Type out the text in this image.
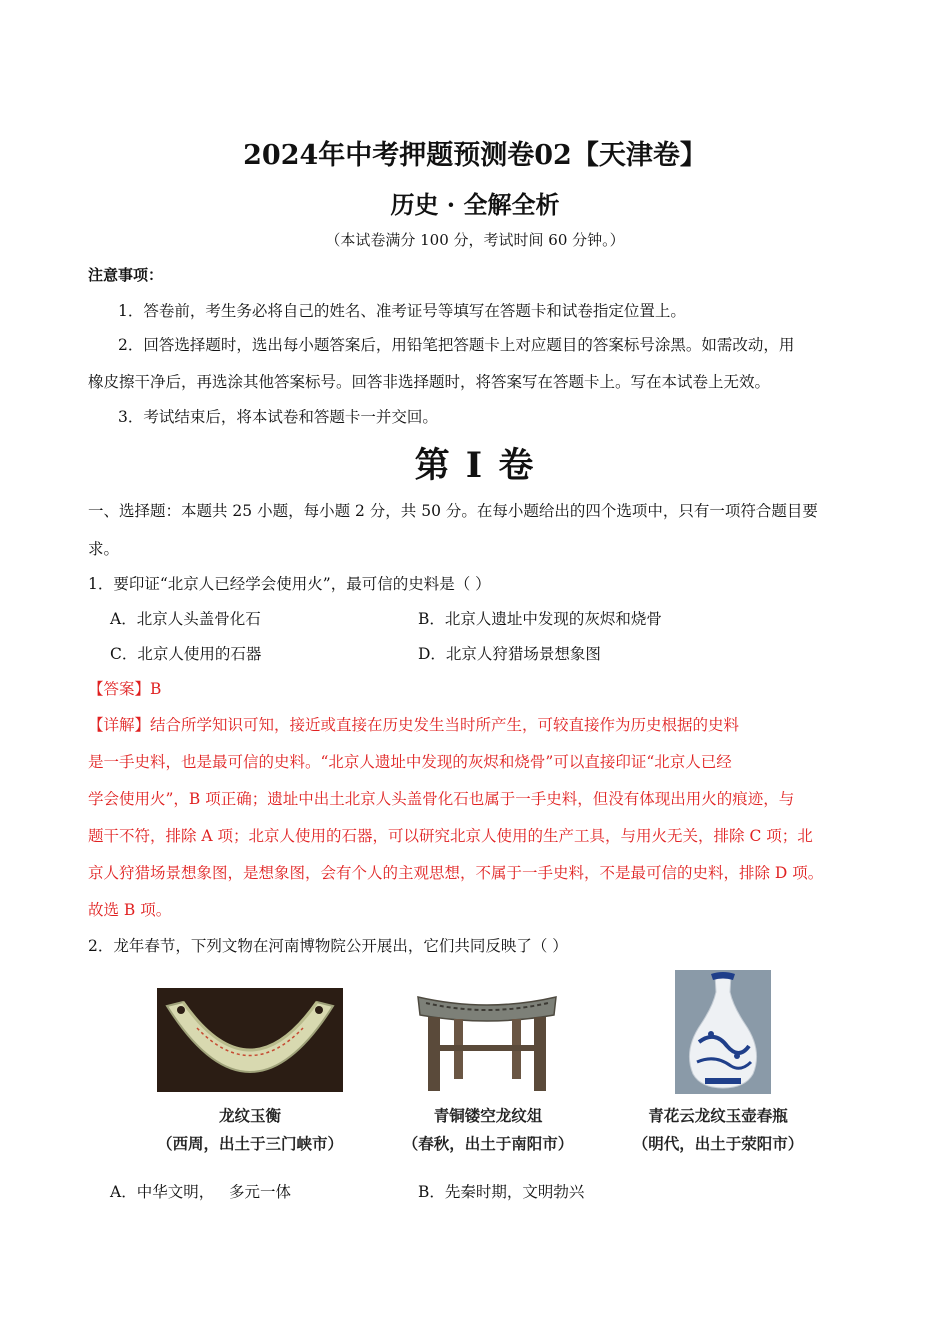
2024年中考押题预测卷02【天津卷】
历史 · 全解全析
（本试卷满分 100 分，考试时间 60 分钟。）
注意事项：
1．答卷前，考生务必将自己的姓名、准考证号等填写在答题卡和试卷指定位置上。
2．回答选择题时，选出每小题答案后，用铅笔把答题卡上对应题目的答案标号涂黑。如需改动，用
橡皮擦干净后，再选涂其他答案标号。回答非选择题时，将答案写在答题卡上。写在本试卷上无效。
3．考试结束后，将本试卷和答题卡一并交回。
第 I 卷
一、选择题：本题共 25 小题，每小题 2 分，共 50 分。在每小题给出的四个选项中，只有一项符合题目要
求。
1．要印证“北京人已经学会使用火”，最可信的史料是（ ）
A．北京人头盖骨化石	B．北京人遗址中发现的灰烬和烧骨
C．北京人使用的石器	D．北京人狩猎场景想象图
【答案】B
【详解】结合所学知识可知，接近或直接在历史发生当时所产生，可较直接作为历史根据的史料
是一手史料，也是最可信的史料。“北京人遗址中发现的灰烬和烧骨”可以直接印证“北京人已经
学会使用火”，B 项正确；遗址中出土北京人头盖骨化石也属于一手史料，但没有体现出用火的痕迹，与
题干不符，排除 A 项；北京人使用的石器，可以研究北京人使用的生产工具，与用火无关，排除 C 项；北
京人狩猎场景想象图，是想象图，会有个人的主观思想，不属于一手史料，不是最可信的史料，排除 D 项。
故选 B 项。
2．龙年春节，下列文物在河南博物院公开展出，它们共同反映了（ ）
龙纹玉衡
（西周，出土于三门峡市）
青铜镂空龙纹俎
（春秋，出土于南阳市）
青花云龙纹玉壶春瓶
（明代，出土于荥阳市）
A．中华文明，   多元一体	B．先秦时期，文明勃兴
